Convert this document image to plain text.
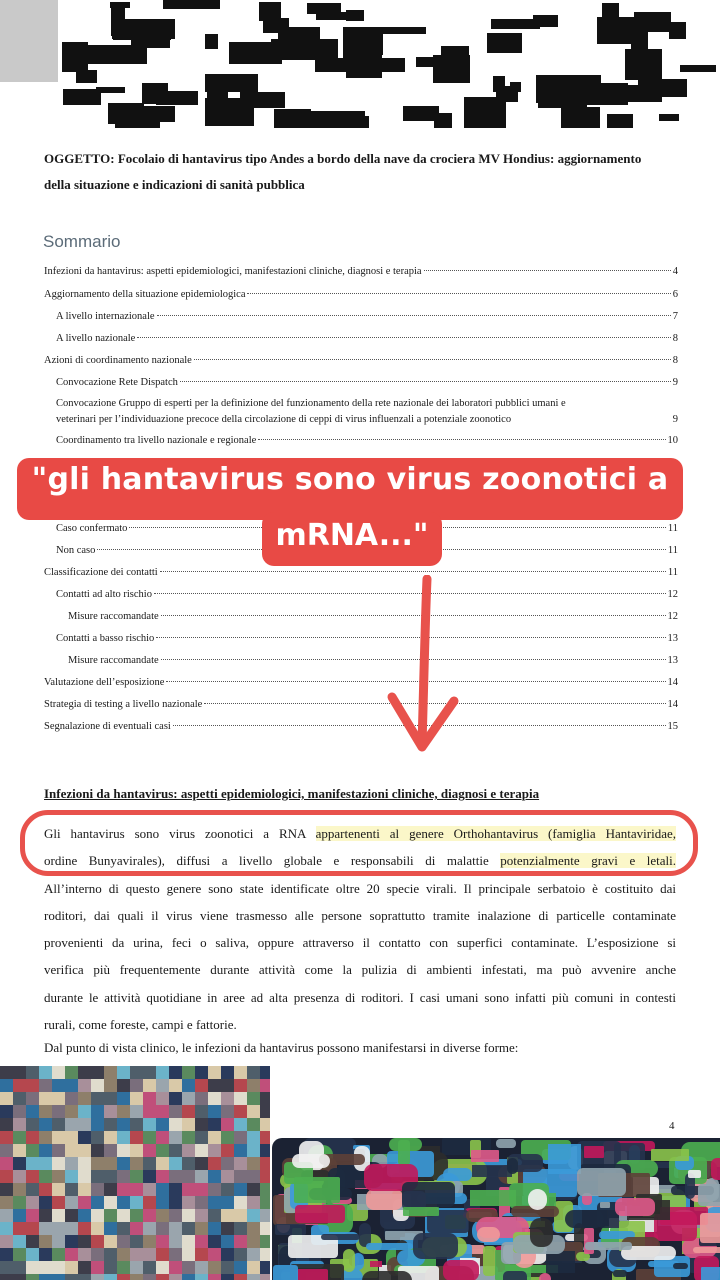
OGGETTO: Focolaio di hantavirus tipo Andes a bordo della nave da crociera MV Hondius: aggiornamento
della situazione e indicazioni di sanità pubblica
Sommario
Infezioni da hantavirus: aspetti epidemiologici, manifestazioni cliniche, diagnosi e terapia	4
Aggiornamento della situazione epidemiologica	6
A livello internazionale	7
A livello nazionale	8
Azioni di coordinamento nazionale	8
Convocazione Rete Dispatch	9
Convocazione Gruppo di esperti per la definizione del funzionamento della rete nazionale dei laboratori pubblici umani e
veterinari per l’individuazione precoce della circolazione di ceppi di virus influenzali a potenziale zoonotico	9
Coordinamento tra livello nazionale e regionale	10
Caso confermato	11
Non caso	11
Classificazione dei contatti	11
Contatti ad alto rischio	12
Misure raccomandate	12
Contatti a basso rischio	13
Misure raccomandate	13
Valutazione dell’esposizione	14
Strategia di testing a livello nazionale	14
Segnalazione di eventuali casi	15
"gli hantavirus sono virus zoonotici a
mRNA..."
Infezioni da hantavirus: aspetti epidemiologici, manifestazioni cliniche, diagnosi e terapia
Gli hantavirus sono virus zoonotici a RNA appartenenti al genere Orthohantavirus (famiglia Hantaviridae,
ordine Bunyavirales), diffusi a livello globale e responsabili di malattie potenzialmente gravi e letali.
All’interno di questo genere sono state identificate oltre 20 specie virali. Il principale serbatoio è costituito dai
roditori, dai quali il virus viene trasmesso alle persone soprattutto tramite inalazione di particelle contaminate
provenienti da urina, feci o saliva, oppure attraverso il contatto con superfici contaminate. L’esposizione si
verifica più frequentemente durante attività come la pulizia di ambienti infestati, ma può avvenire anche
durante le attività quotidiane in aree ad alta presenza di roditori. I casi umani sono infatti più comuni in contesti
rurali, come foreste, campi e fattorie.
Dal punto di vista clinico, le infezioni da hantavirus possono manifestarsi in diverse forme:
4
